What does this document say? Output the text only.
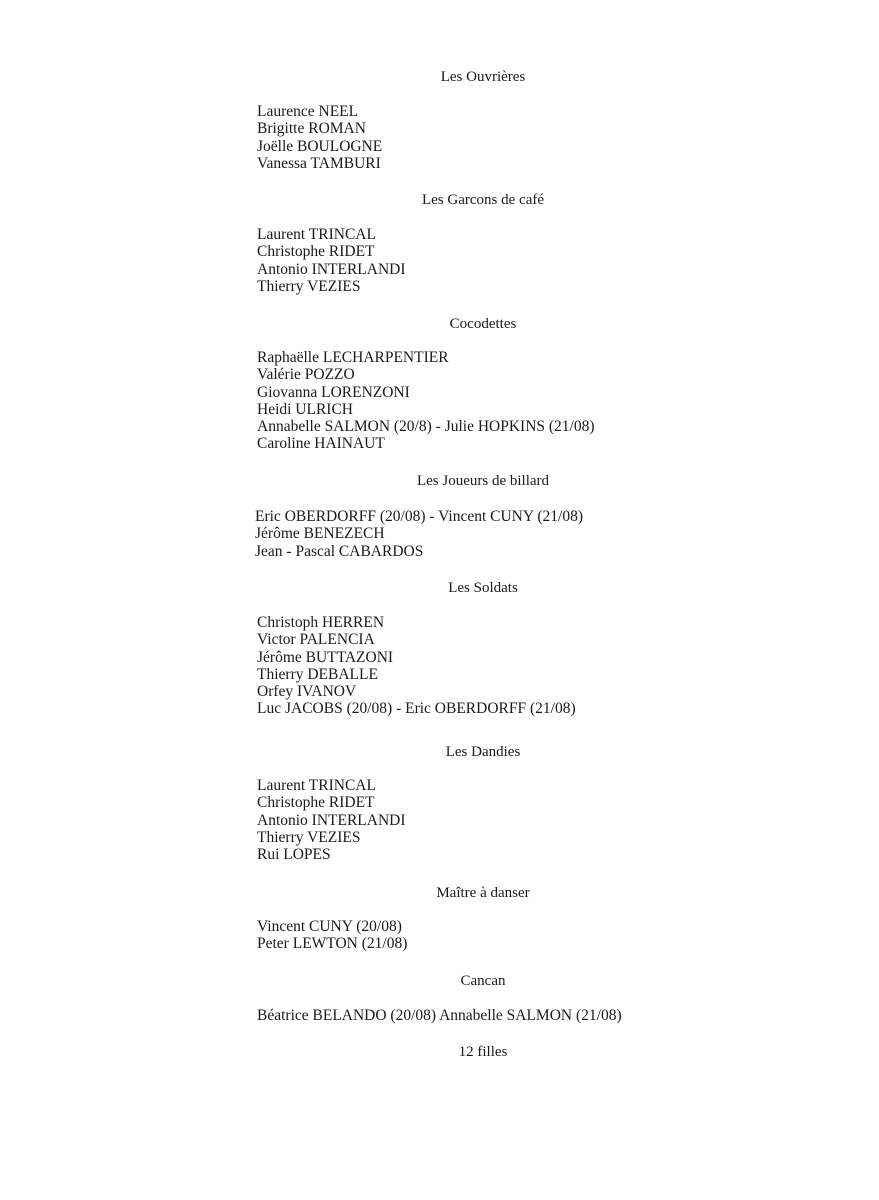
Les Ouvrières
Laurence NEEL
Brigitte ROMAN
Joëlle BOULOGNE
Vanessa TAMBURI
Les Garcons de café
Laurent TRINCAL
Christophe RIDET
Antonio INTERLANDI
Thierry VEZIES
Cocodettes
Raphaëlle LECHARPENTIER
Valérie POZZO
Giovanna LORENZONI
Heidi ULRICH
Annabelle SALMON (20/8) - Julie HOPKINS (21/08)
Caroline HAINAUT
Les Joueurs de billard
Eric OBERDORFF (20/08) - Vincent CUNY (21/08)
Jérôme BENEZECH
Jean - Pascal CABARDOS
Les Soldats
Christoph HERREN
Victor PALENCIA
Jérôme BUTTAZONI
Thierry DEBALLE
Orfey IVANOV
Luc JACOBS (20/08) - Eric OBERDORFF (21/08)
Les Dandies
Laurent TRINCAL
Christophe RIDET
Antonio INTERLANDI
Thierry VEZIES
Rui LOPES
Maître à danser
Vincent CUNY (20/08)
Peter LEWTON (21/08)
Cancan
Béatrice BELANDO (20/08) Annabelle SALMON (21/08)
12 filles
